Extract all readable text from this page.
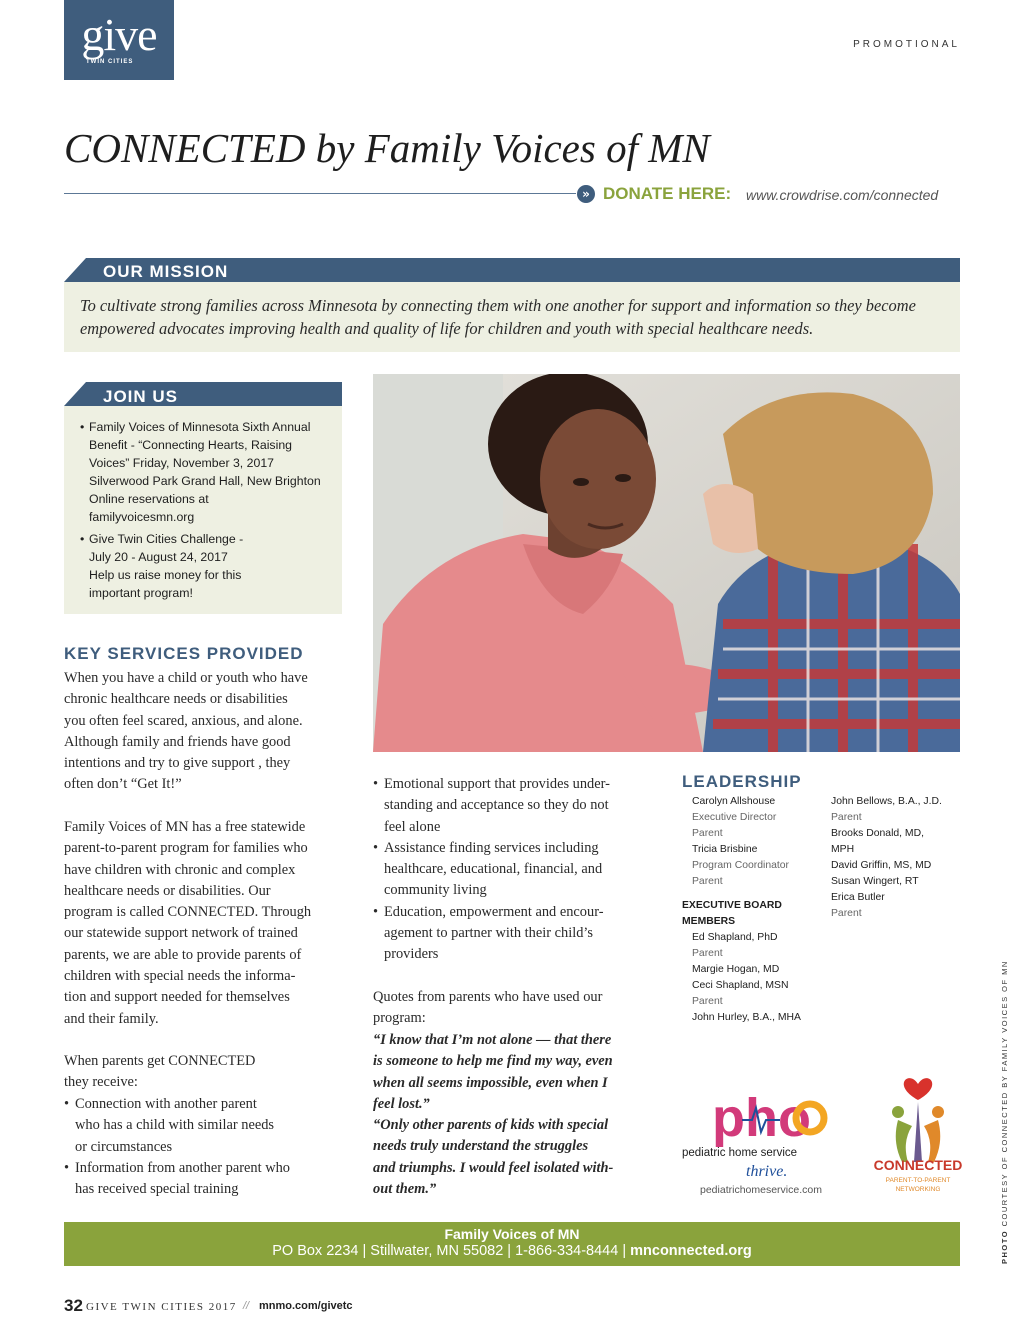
give
TWIN CITIES
PROMOTIONAL
CONNECTED by Family Voices of MN
» DONATE HERE: www.crowdrise.com/connected
OUR MISSION
To cultivate strong families across Minnesota by connecting them with one another for support and information so they become empowered advocates improving health and quality of life for children and youth with special healthcare needs.
JOIN US
• Family Voices of Minnesota Sixth Annual
Benefit - “Connecting Hearts, Raising
Voices” Friday, November 3, 2017
Silverwood Park Grand Hall, New Brighton
Online reservations at
familyvoicesmn.org
• Give Twin Cities Challenge -
July 20 - August 24, 2017
Help us raise money for this
important program!
KEY SERVICES PROVIDED
When you have a child or youth who have
chronic healthcare needs or disabilities
you often feel scared, anxious, and alone.
Although family and friends have good
intentions and try to give support , they
often don’t “Get It!”
Family Voices of MN has a free statewide
parent-to-parent program for families who
have children with chronic and complex
healthcare needs or disabilities. Our
program is called CONNECTED. Through
our statewide support network of trained
parents, we are able to provide parents of
children with special needs the informa-
tion and support needed for themselves
and their family.
When parents get CONNECTED
they receive:
• Connection with another parent
who has a child with similar needs
or circumstances
• Information from another parent who
has received special training
• Emotional support that provides under-
standing and acceptance so they do not
feel alone
• Assistance finding services including
healthcare, educational, financial, and
community living
• Education, empowerment and encour-
agement to partner with their child’s
providers
Quotes from parents who have used our
program:
“I know that I’m not alone — that there
is someone to help me find my way, even
when all seems impossible, even when I
feel lost.”
“Only other parents of kids with special
needs truly understand the struggles
and triumphs. I would feel isolated with-
out them.”
LEADERSHIP
Carolyn Allshouse
Executive Director
Parent
Tricia Brisbine
Program Coordinator
Parent
EXECUTIVE BOARD
MEMBERS
Ed Shapland, PhD
Parent
Margie Hogan, MD
Ceci Shapland, MSN
Parent
John Hurley, B.A., MHA
John Bellows, B.A., J.D.
Parent
Brooks Donald, MD,
MPH
David Griffin, MS, MD
Susan Wingert, RT
Erica Butler
Parent
pho
pediatric home service
thrive.
pediatrichomeservice.com
CONNECTED
PARENT-TO-PARENT
NETWORKING
Family Voices of MN
PO Box 2234 | Stillwater, MN 55082 | 1-866-334-8444 | mnconnected.org
32 GIVE TWIN CITIES 2017 // mnmo.com/givetc
PHOTO COURTESY OF CONNECTED BY FAMILY VOICES OF MN
